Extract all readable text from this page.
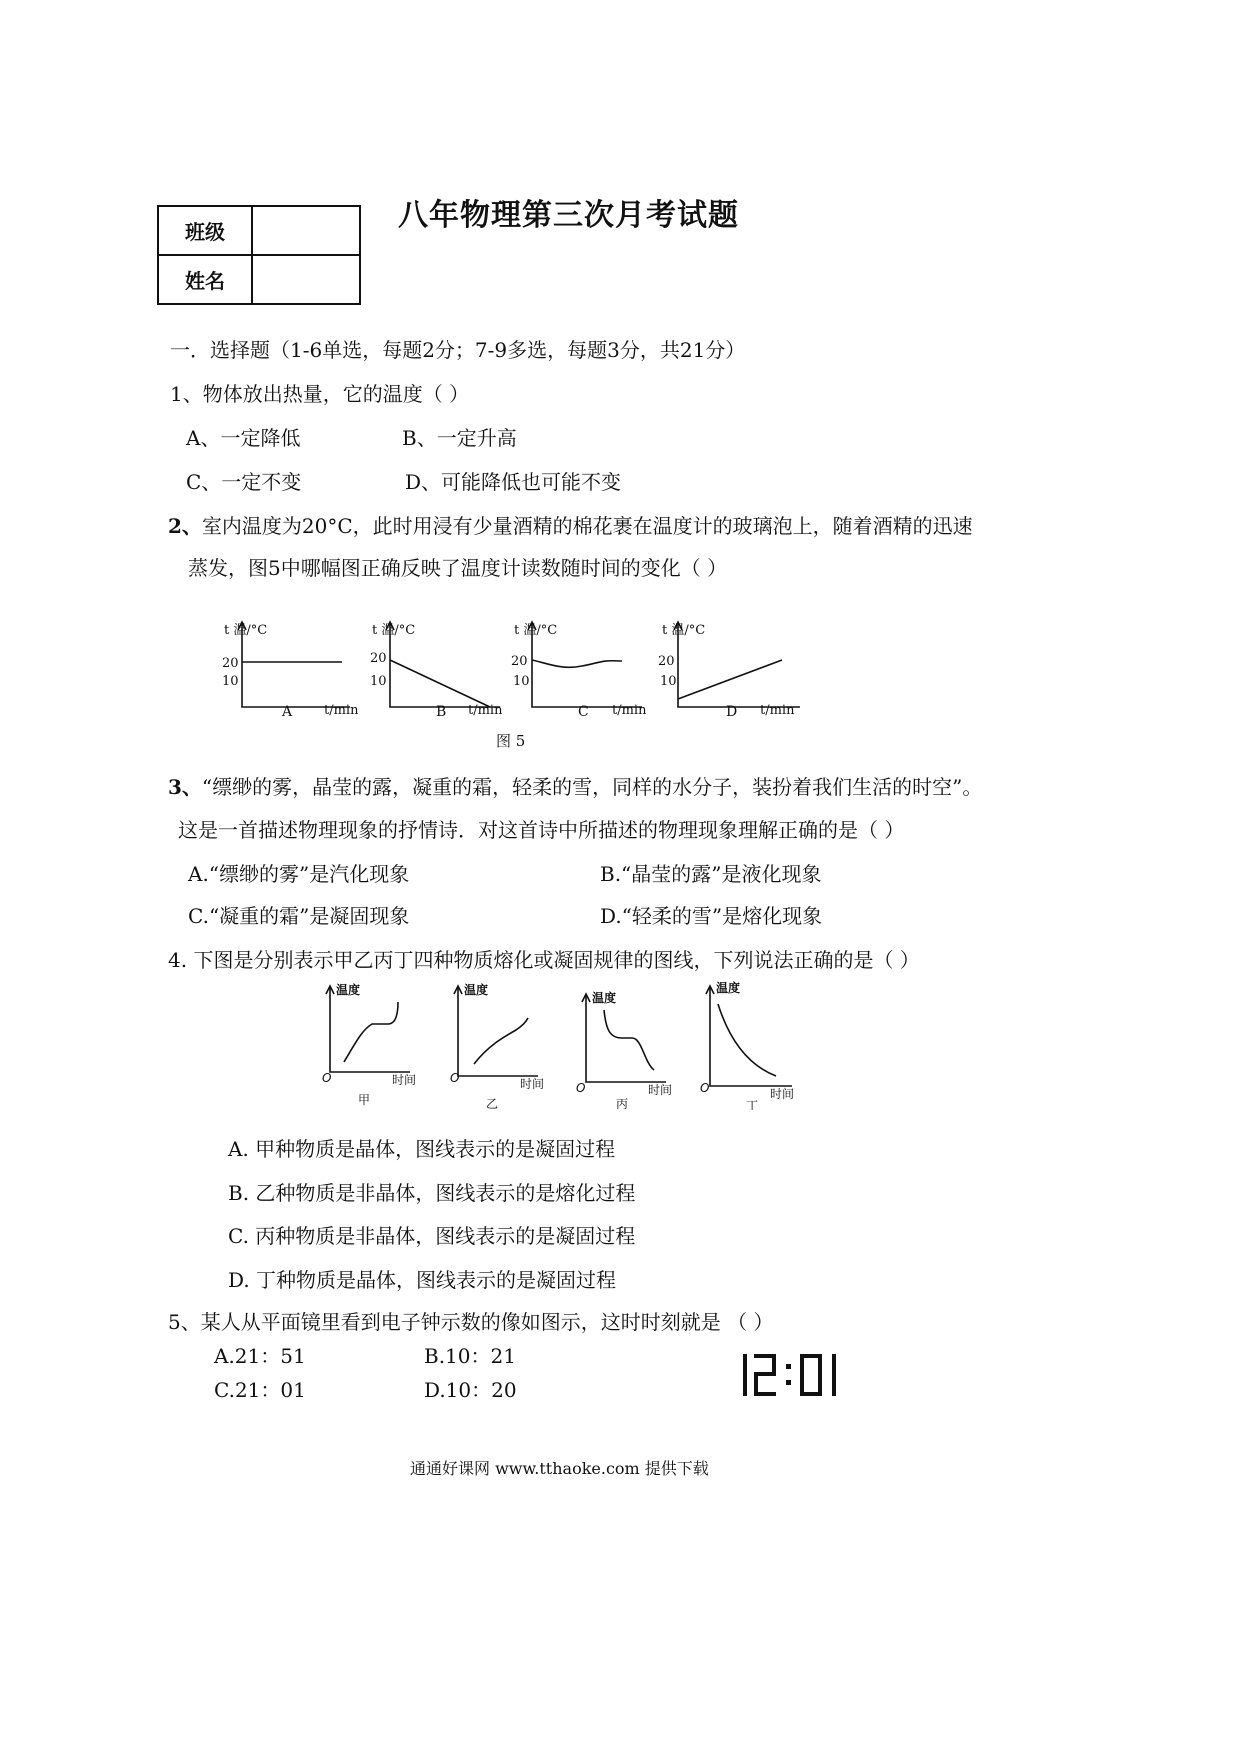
八年物理第三次月考试题
班级	
姓名	
一．选择题（1-6单选，每题2分；7-9多选，每题3分，共21分）
1、物体放出热量，它的温度（ ）
A、一定降低	B、一定升高
C、一定不变	D、可能降低也可能不变
2、室内温度为20°C，此时用浸有少量酒精的棉花裹在温度计的玻璃泡上，随着酒精的迅速
蒸发，图5中哪幅图正确反映了温度计读数随时间的变化（ ）
t 温/°C
20
10
A t/min
t 温/°C
20
10
B t/min
t 温/°C
20
10
C t/min
t 温/°C
20
10
D t/min
图 5
3、“缥缈的雾，晶莹的露，凝重的霜，轻柔的雪，同样的水分子，装扮着我们生活的时空”。
这是一首描述物理现象的抒情诗．对这首诗中所描述的物理现象理解正确的是（ ）
A.“缥缈的雾”是汽化现象	B.“晶莹的露”是液化现象
C.“凝重的霜”是凝固现象	D.“轻柔的雪”是熔化现象
4. 下图是分别表示甲乙丙丁四种物质熔化或凝固规律的图线，下列说法正确的是（ ）
温度
O	时间
甲
温度
O	时间
乙
温度
O	时间
丙
温度
O	时间
丁
A. 甲种物质是晶体，图线表示的是凝固过程
B. 乙种物质是非晶体，图线表示的是熔化过程
C. 丙种物质是非晶体，图线表示的是凝固过程
D. 丁种物质是晶体，图线表示的是凝固过程
5、某人从平面镜里看到电子钟示数的像如图示，这时时刻就是 （ ）
A.21：51	B.10：21
C.21：01	D.10：20
通通好课网 www.tthaoke.com 提供下载
